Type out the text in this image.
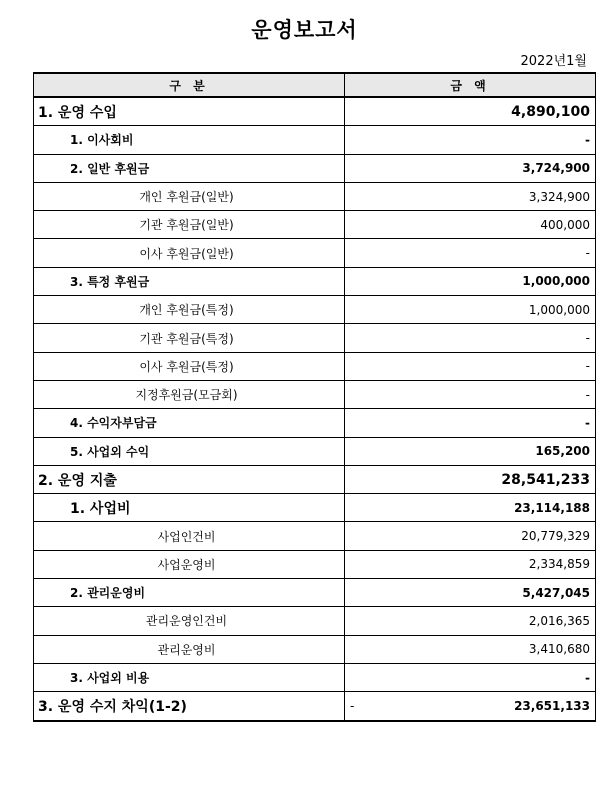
운영보고서
2022년1월
구 분	금 액
1. 운영 수입	4,890,100
1. 이사회비	-
2. 일반 후원금	3,724,900
개인 후원금(일반)	3,324,900
기관 후원금(일반)	400,000
이사 후원금(일반)	-
3. 특정 후원금	1,000,000
개인 후원금(특정)	1,000,000
기관 후원금(특정)	-
이사 후원금(특정)	-
지정후원금(모금회)	-
4. 수익자부담금	-
5. 사업외 수익	165,200
2. 운영 지출	28,541,233
1. 사업비	23,114,188
사업인건비	20,779,329
사업운영비	2,334,859
2. 관리운영비	5,427,045
관리운영인건비	2,016,365
관리운영비	3,410,680
3. 사업외 비용	-
3. 운영 수지 차익(1-2)	- 23,651,133
